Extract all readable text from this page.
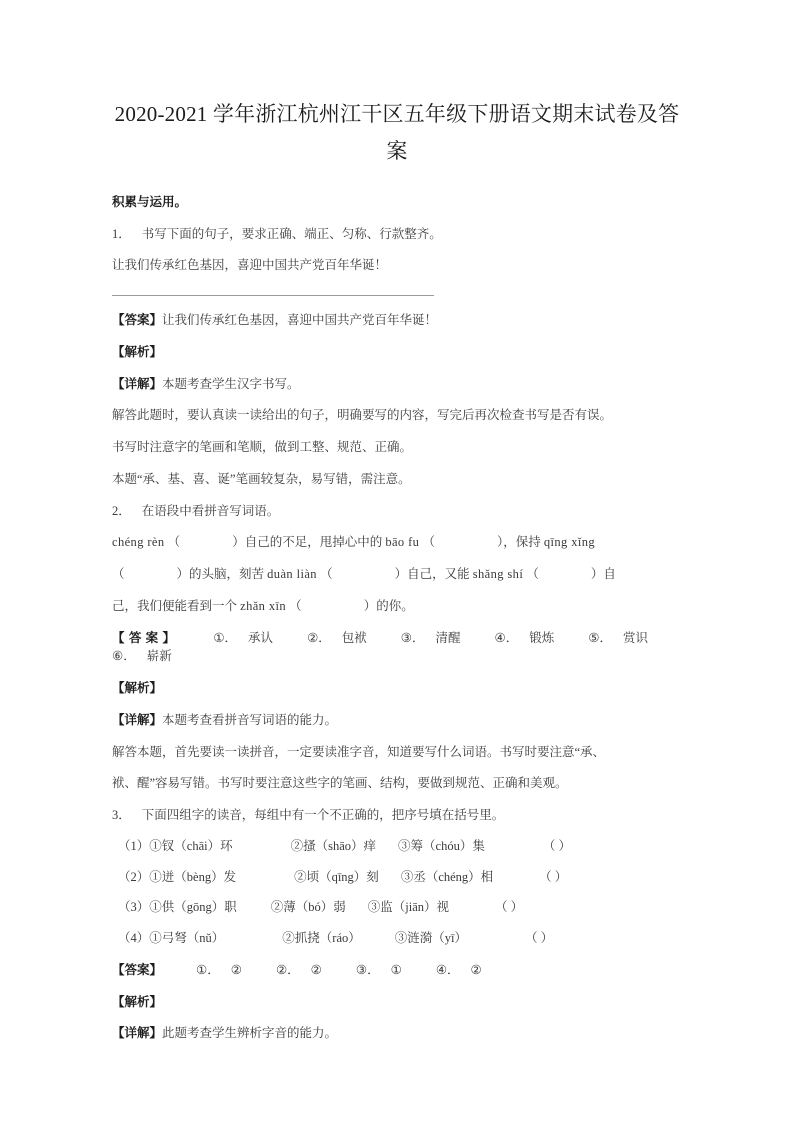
2020-2021 学年浙江杭州江干区五年级下册语文期末试卷及答案

积累与运用。

1． 书写下面的句子，要求正确、端正、匀称、行款整齐。

让我们传承红色基因，喜迎中国共产党百年华诞！

【答案】让我们传承红色基因，喜迎中国共产党百年华诞！

【解析】

【详解】本题考查学生汉字书写。

解答此题时，要认真读一读给出的句子，明确要写的内容，写完后再次检查书写是否有误。

书写时注意字的笔画和笔顺，做到工整、规范、正确。

本题“承、基、喜、诞”笔画较复杂，易写错，需注意。

2． 在语段中看拼音写词语。

chéng rèn （	）自己的不足，甩掉心中的 bāo fu （	），保持 qīng xǐng

（	）的头脑，刻苦 duàn liàn （	）自己，又能 shǎng shí （	）自

己，我们便能看到一个 zhǎn xīn （	）的你。

【答案】	①． 承认	②． 包袱	③． 清醒	④． 锻炼	⑤． 赏识⑥． 崭新

【解析】

【详解】本题考查看拼音写词语的能力。

解答本题，首先要读一读拼音，一定要读准字音，知道要写什么词语。书写时要注意“承、

袱、醒”容易写错。书写时要注意这些字的笔画、结构，要做到规范、正确和美观。

3． 下面四组字的读音，每组中有一个不正确的，把序号填在括号里。

（1）①钗（chāi）环	②搔（shāo）痒 ③筹（chóu）集	（ ）

（2）①迸（bèng）发	②顷（qīng）刻 ③丞（chéng）相	（ ）

（3）①供（gōng）职	②薄（bó）弱 ③监（jiān）视	（ ）

（4）①弓弩（nǔ）	②抓挠（ráo）	③涟漪（yī）	（ ）

【答案】	①． ②	②． ②	③． ①	④． ②

【解析】

【详解】此题考查学生辨析字音的能力。
